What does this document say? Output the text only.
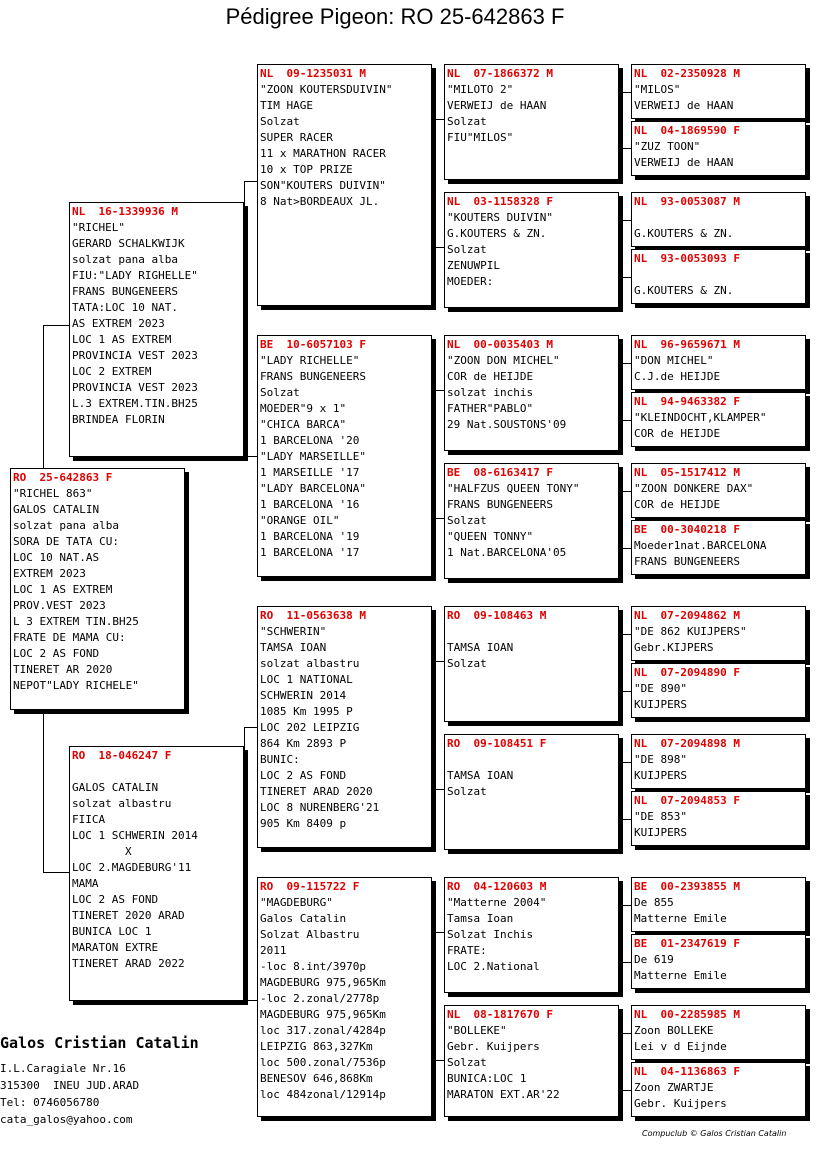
Pédigree Pigeon: RO 25-642863 F
RO  25-642863 F
"RICHEL 863"
GALOS CATALIN
solzat pana alba
SORA DE TATA CU:
LOC 10 NAT.AS
EXTREM 2023
LOC 1 AS EXTREM
PROV.VEST 2023
L 3 EXTREM TIN.BH25
FRATE DE MAMA CU:
LOC 2 AS FOND
TINERET AR 2020
NEPOT"LADY RICHELE"
NL  16-1339936 M
"RICHEL"
GERARD SCHALKWIJK
solzat pana alba
FIU:"LADY RIGHELLE"
FRANS BUNGENEERS
TATA:LOC 10 NAT.
AS EXTREM 2023
LOC 1 AS EXTREM
PROVINCIA VEST 2023
LOC 2 EXTREM
PROVINCIA VEST 2023
L.3 EXTREM.TIN.BH25
BRINDEA FLORIN
RO  18-046247 F
GALOS CATALIN
solzat albastru
FIICA
LOC 1 SCHWERIN 2014
X
LOC 2.MAGDEBURG'11
MAMA
LOC 2 AS FOND
TINERET 2020 ARAD
BUNICA LOC 1
MARATON EXTRE
TINERET ARAD 2022
NL  09-1235031 M
"ZOON KOUTERSDUIVIN"
TIM HAGE
Solzat
SUPER RACER
11 x MARATHON RACER
10 x TOP PRIZE
SON"KOUTERS DUIVIN"
8 Nat>BORDEAUX JL.
BE  10-6057103 F
"LADY RICHELLE"
FRANS BUNGENEERS
Solzat
MOEDER"9 x 1"
"CHICA BARCA"
1 BARCELONA '20
"LADY MARSEILLE"
1 MARSEILLE '17
"LADY BARCELONA"
1 BARCELONA '16
"ORANGE OIL"
1 BARCELONA '19
1 BARCELONA '17
RO  11-0563638 M
"SCHWERIN"
TAMSA IOAN
solzat albastru
LOC 1 NATIONAL
SCHWERIN 2014
1085 Km 1995 P
LOC 202 LEIPZIG
864 Km 2893 P
BUNIC:
LOC 2 AS FOND
TINERET ARAD 2020
LOC 8 NURENBERG'21
905 Km 8409 p
RO  09-115722 F
"MAGDEBURG"
Galos Catalin
Solzat Albastru
2011
-loc 8.int/3970p
MAGDEBURG 975,965Km
-loc 2.zonal/2778p
MAGDEBURG 975,965Km
loc 317.zonal/4284p
LEIPZIG 863,327Km
loc 500.zonal/7536p
BENESOV 646,868Km
loc 484zonal/12914p
NL  07-1866372 M
"MILOTO 2"
VERWEIJ de HAAN
Solzat
FIU"MILOS"
NL  03-1158328 F
"KOUTERS DUIVIN"
G.KOUTERS & ZN.
Solzat
ZENUWPIL
MOEDER:
NL  00-0035403 M
"ZOON DON MICHEL"
COR de HEIJDE
solzat inchis
FATHER"PABLO"
29 Nat.SOUSTONS'09
BE  08-6163417 F
"HALFZUS QUEEN TONY"
FRANS BUNGENEERS
Solzat
"QUEEN TONNY"
1 Nat.BARCELONA'05
RO  09-108463 M
TAMSA IOAN
Solzat
RO  09-108451 F
TAMSA IOAN
Solzat
RO  04-120603 M
"Matterne 2004"
Tamsa Ioan
Solzat Inchis
FRATE:
LOC 2.National
NL  08-1817670 F
"BOLLEKE"
Gebr. Kuijpers
Solzat
BUNICA:LOC 1
MARATON EXT.AR'22
NL  02-2350928 M
"MILOS"
VERWEIJ de HAAN
NL  04-1869590 F
"ZUZ TOON"
VERWEIJ de HAAN
NL  93-0053087 M
G.KOUTERS & ZN.
NL  93-0053093 F
G.KOUTERS & ZN.
NL  96-9659671 M
"DON MICHEL"
C.J.de HEIJDE
NL  94-9463382 F
"KLEINDOCHT,KLAMPER"
COR de HEIJDE
NL  05-1517412 M
"ZOON DONKERE DAX"
COR de HEIJDE
BE  00-3040218 F
Moeder1nat.BARCELONA
FRANS BUNGENEERS
NL  07-2094862 M
"DE 862 KUIJPERS"
Gebr.KIJPERS
NL  07-2094890 F
"DE 890"
KUIJPERS
NL  07-2094898 M
"DE 898"
KUIJPERS
NL  07-2094853 F
"DE 853"
KUIJPERS
BE  00-2393855 M
De 855
Matterne Emile
BE  01-2347619 F
De 619
Matterne Emile
NL  00-2285985 M
Zoon BOLLEKE
Lei v d Eijnde
NL  04-1136863 F
Zoon ZWARTJE
Gebr. Kuijpers
Galos Cristian Catalin
I.L.Caragiale Nr.16
315300  INEU JUD.ARAD
Tel: 0746056780
cata_galos@yahoo.com
Compuclub © Galos Cristian Catalin
